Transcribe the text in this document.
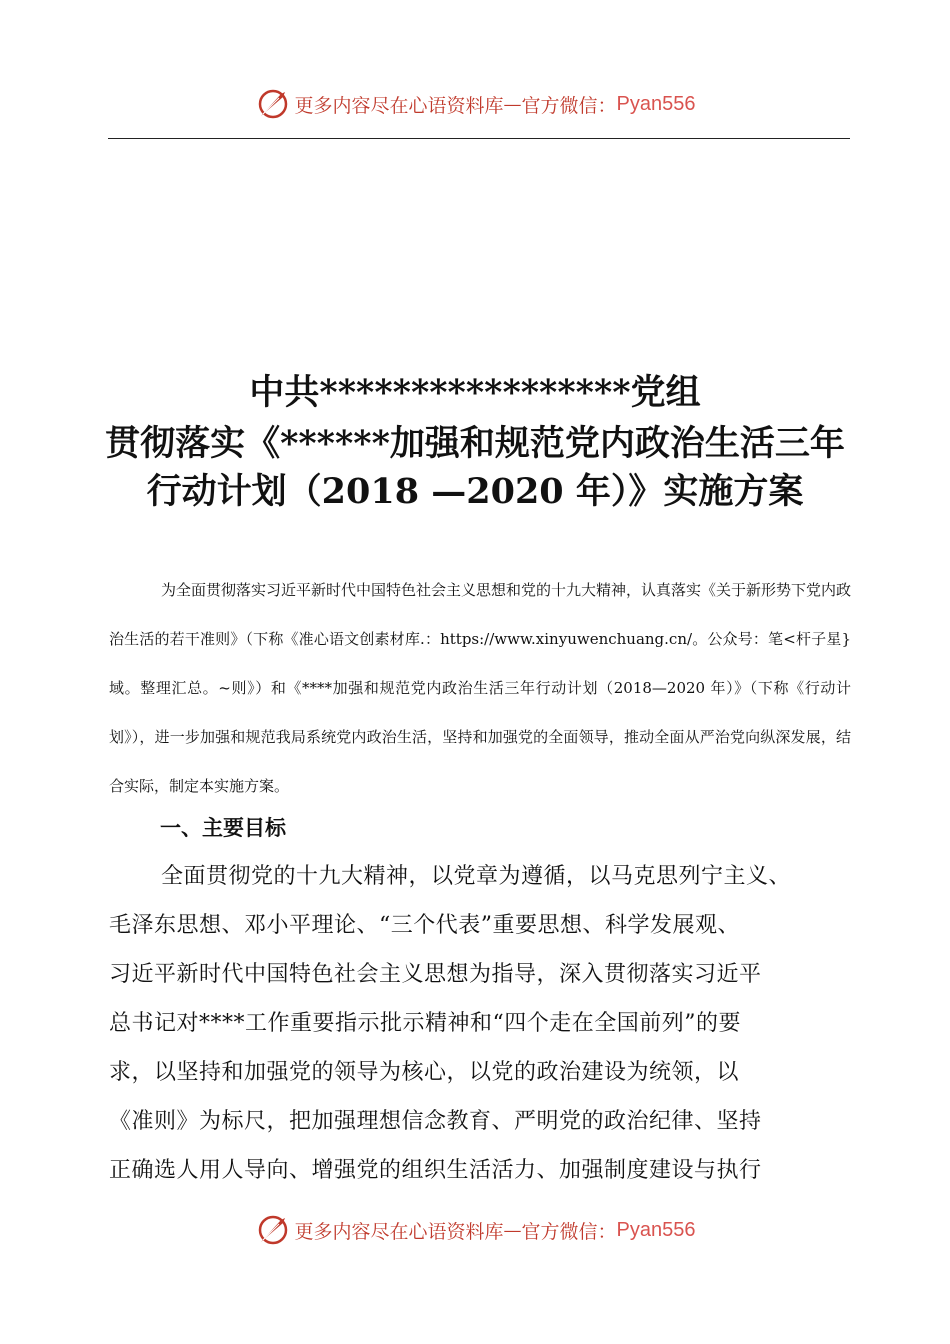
更多内容尽在心语资料库 — 官方微信： Pyan556
中共*****************党组
贯彻落实《******加强和规范党内政治生活三年
行动计划（2018 —2020 年）》实施方案

为全面贯彻落实习近平新时代中国特色社会主义思想和党的十九大精神，认真落实《关于新形势下党内政治生活的若干准则》（下称《准心语文创素材库.：https://www.xinyuwenchuang.cn/。公众号：笔<杆子星}域。整理汇总。~则》）和《****加强和规范党内政治生活三年行动计划（2018—2020 年）》（下称《行动计划》），进一步加强和规范我局系统党内政治生活，坚持和加强党的全面领导，推动全面从严治党向纵深发展，结合实际，制定本实施方案。

一、主要目标
全面贯彻党的十九大精神，以党章为遵循，以马克思列宁主义、
毛泽东思想、邓小平理论、“三个代表”重要思想、科学发展观、
习近平新时代中国特色社会主义思想为指导，深入贯彻落实习近平
总书记对****工作重要指示批示精神和“四个走在全国前列”的要
求，以坚持和加强党的领导为核心，以党的政治建设为统领，以
《准则》为标尺，把加强理想信念教育、严明党的政治纪律、坚持
正确选人用人导向、增强党的组织生活活力、加强制度建设与执行
更多内容尽在心语资料库 — 官方微信： Pyan556
